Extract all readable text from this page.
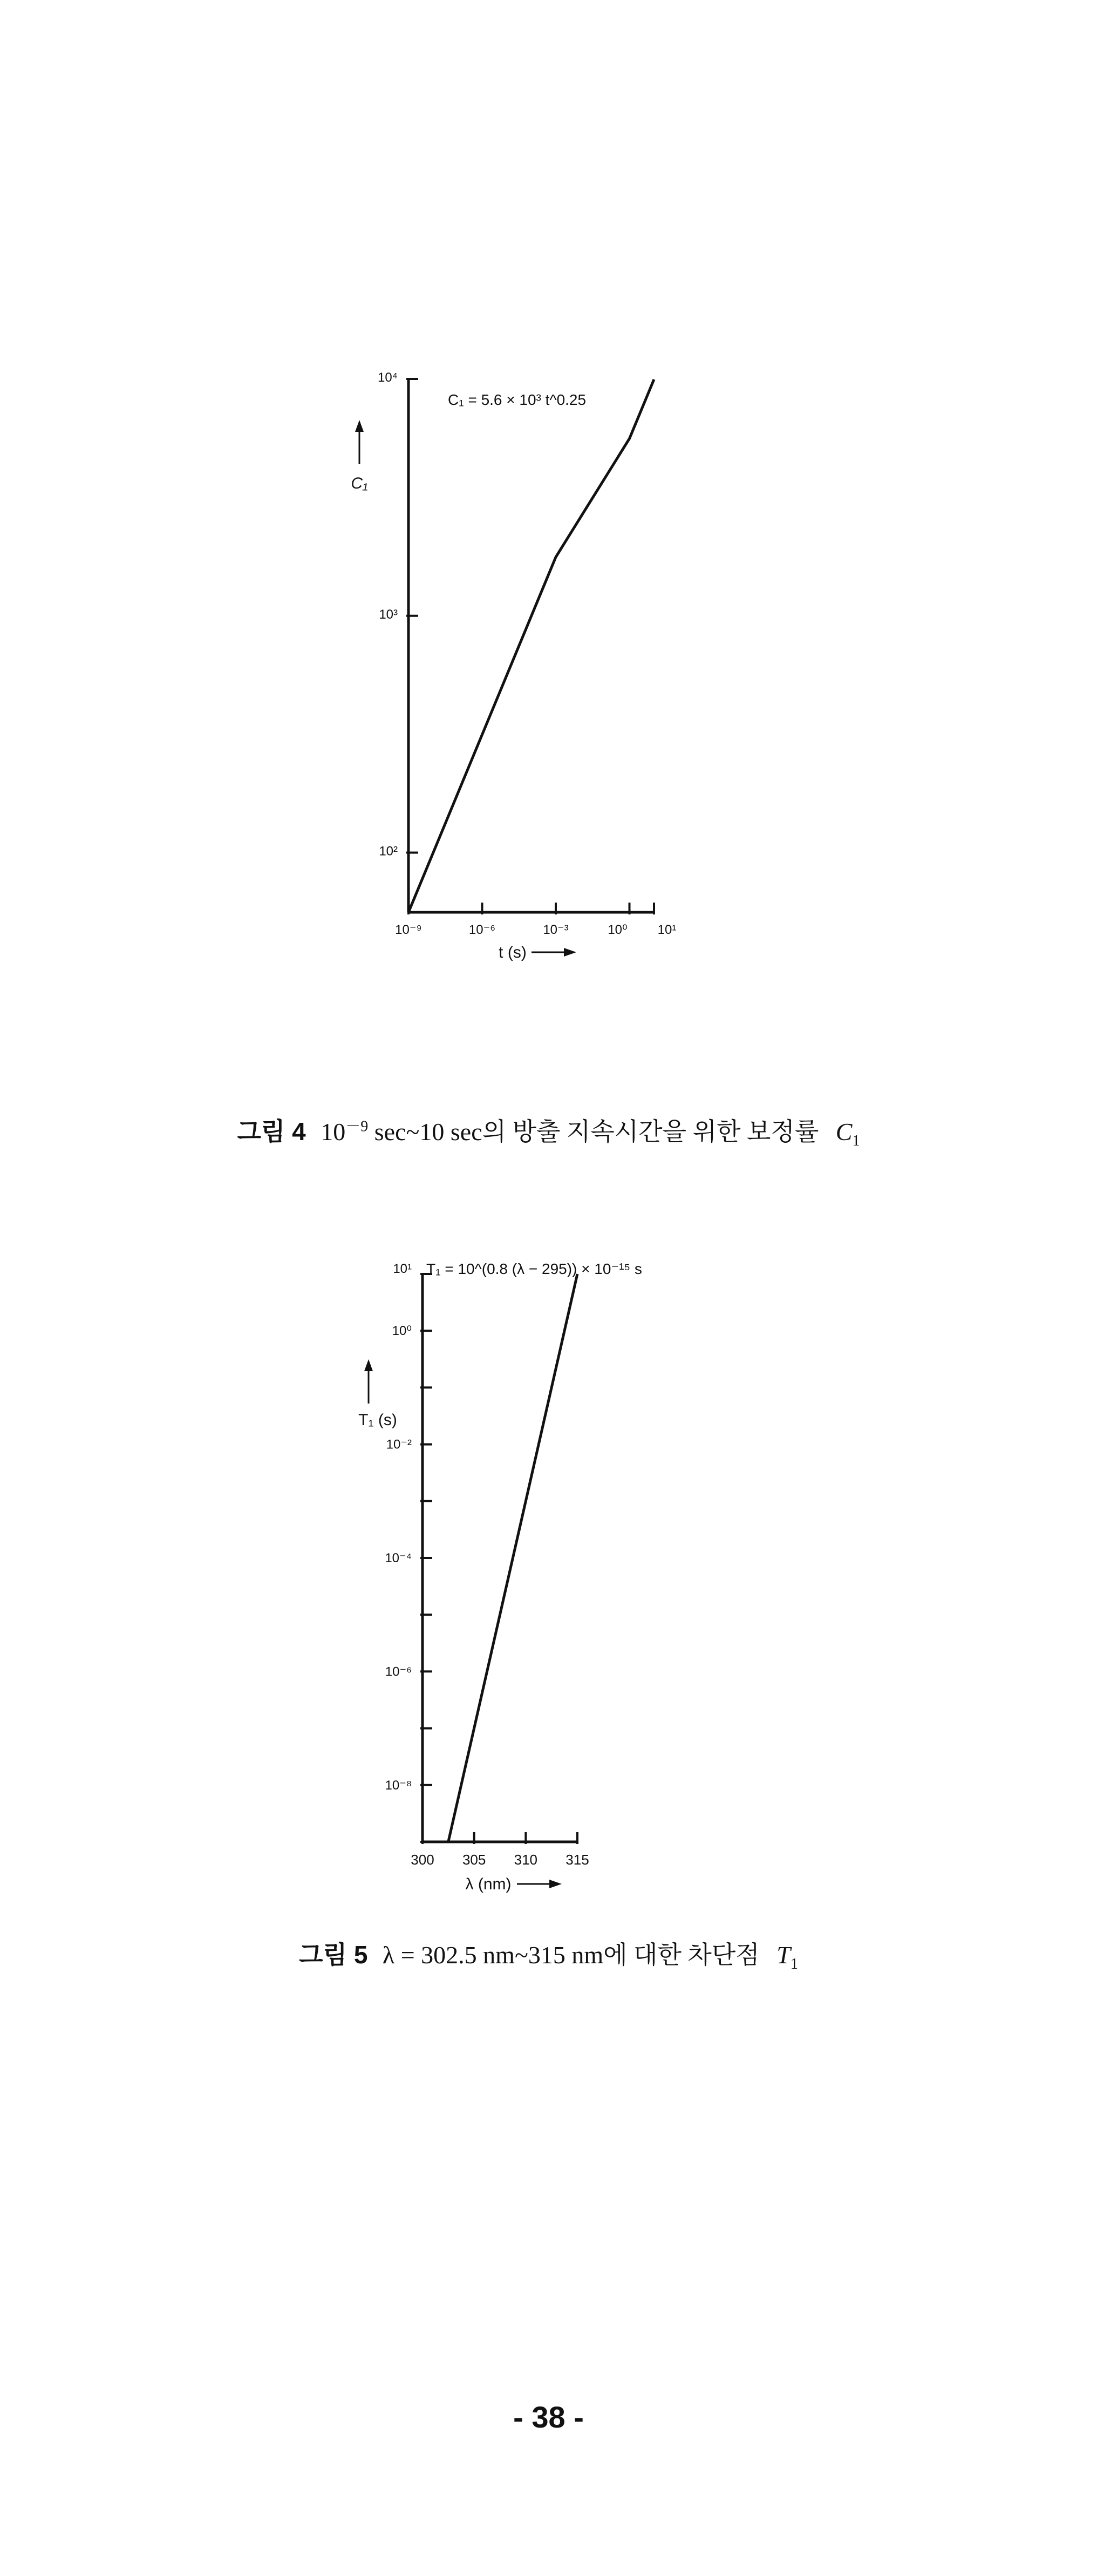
10²
10³
10⁴
10⁻⁹	10⁻⁶	10⁻³	10⁰ 10¹
C₁
t (s)
C₁ = 5.6 × 10³ t^0.25
10⁻⁸
10⁻⁶
10⁻⁴
10⁻²
10⁰
10¹
300 305 310 315
T₁ (s)
λ (nm)
T₁ = 10^(0.8 (λ − 295)) × 10⁻¹⁵ s
그림 4 $10^{-9}$ sec~10 sec의 방출 지속시간을 위한 보정률 $C_1$
그림 5 λ = 302.5 nm~315 nm에 대한 차단점 $T_1$
- 38 -
